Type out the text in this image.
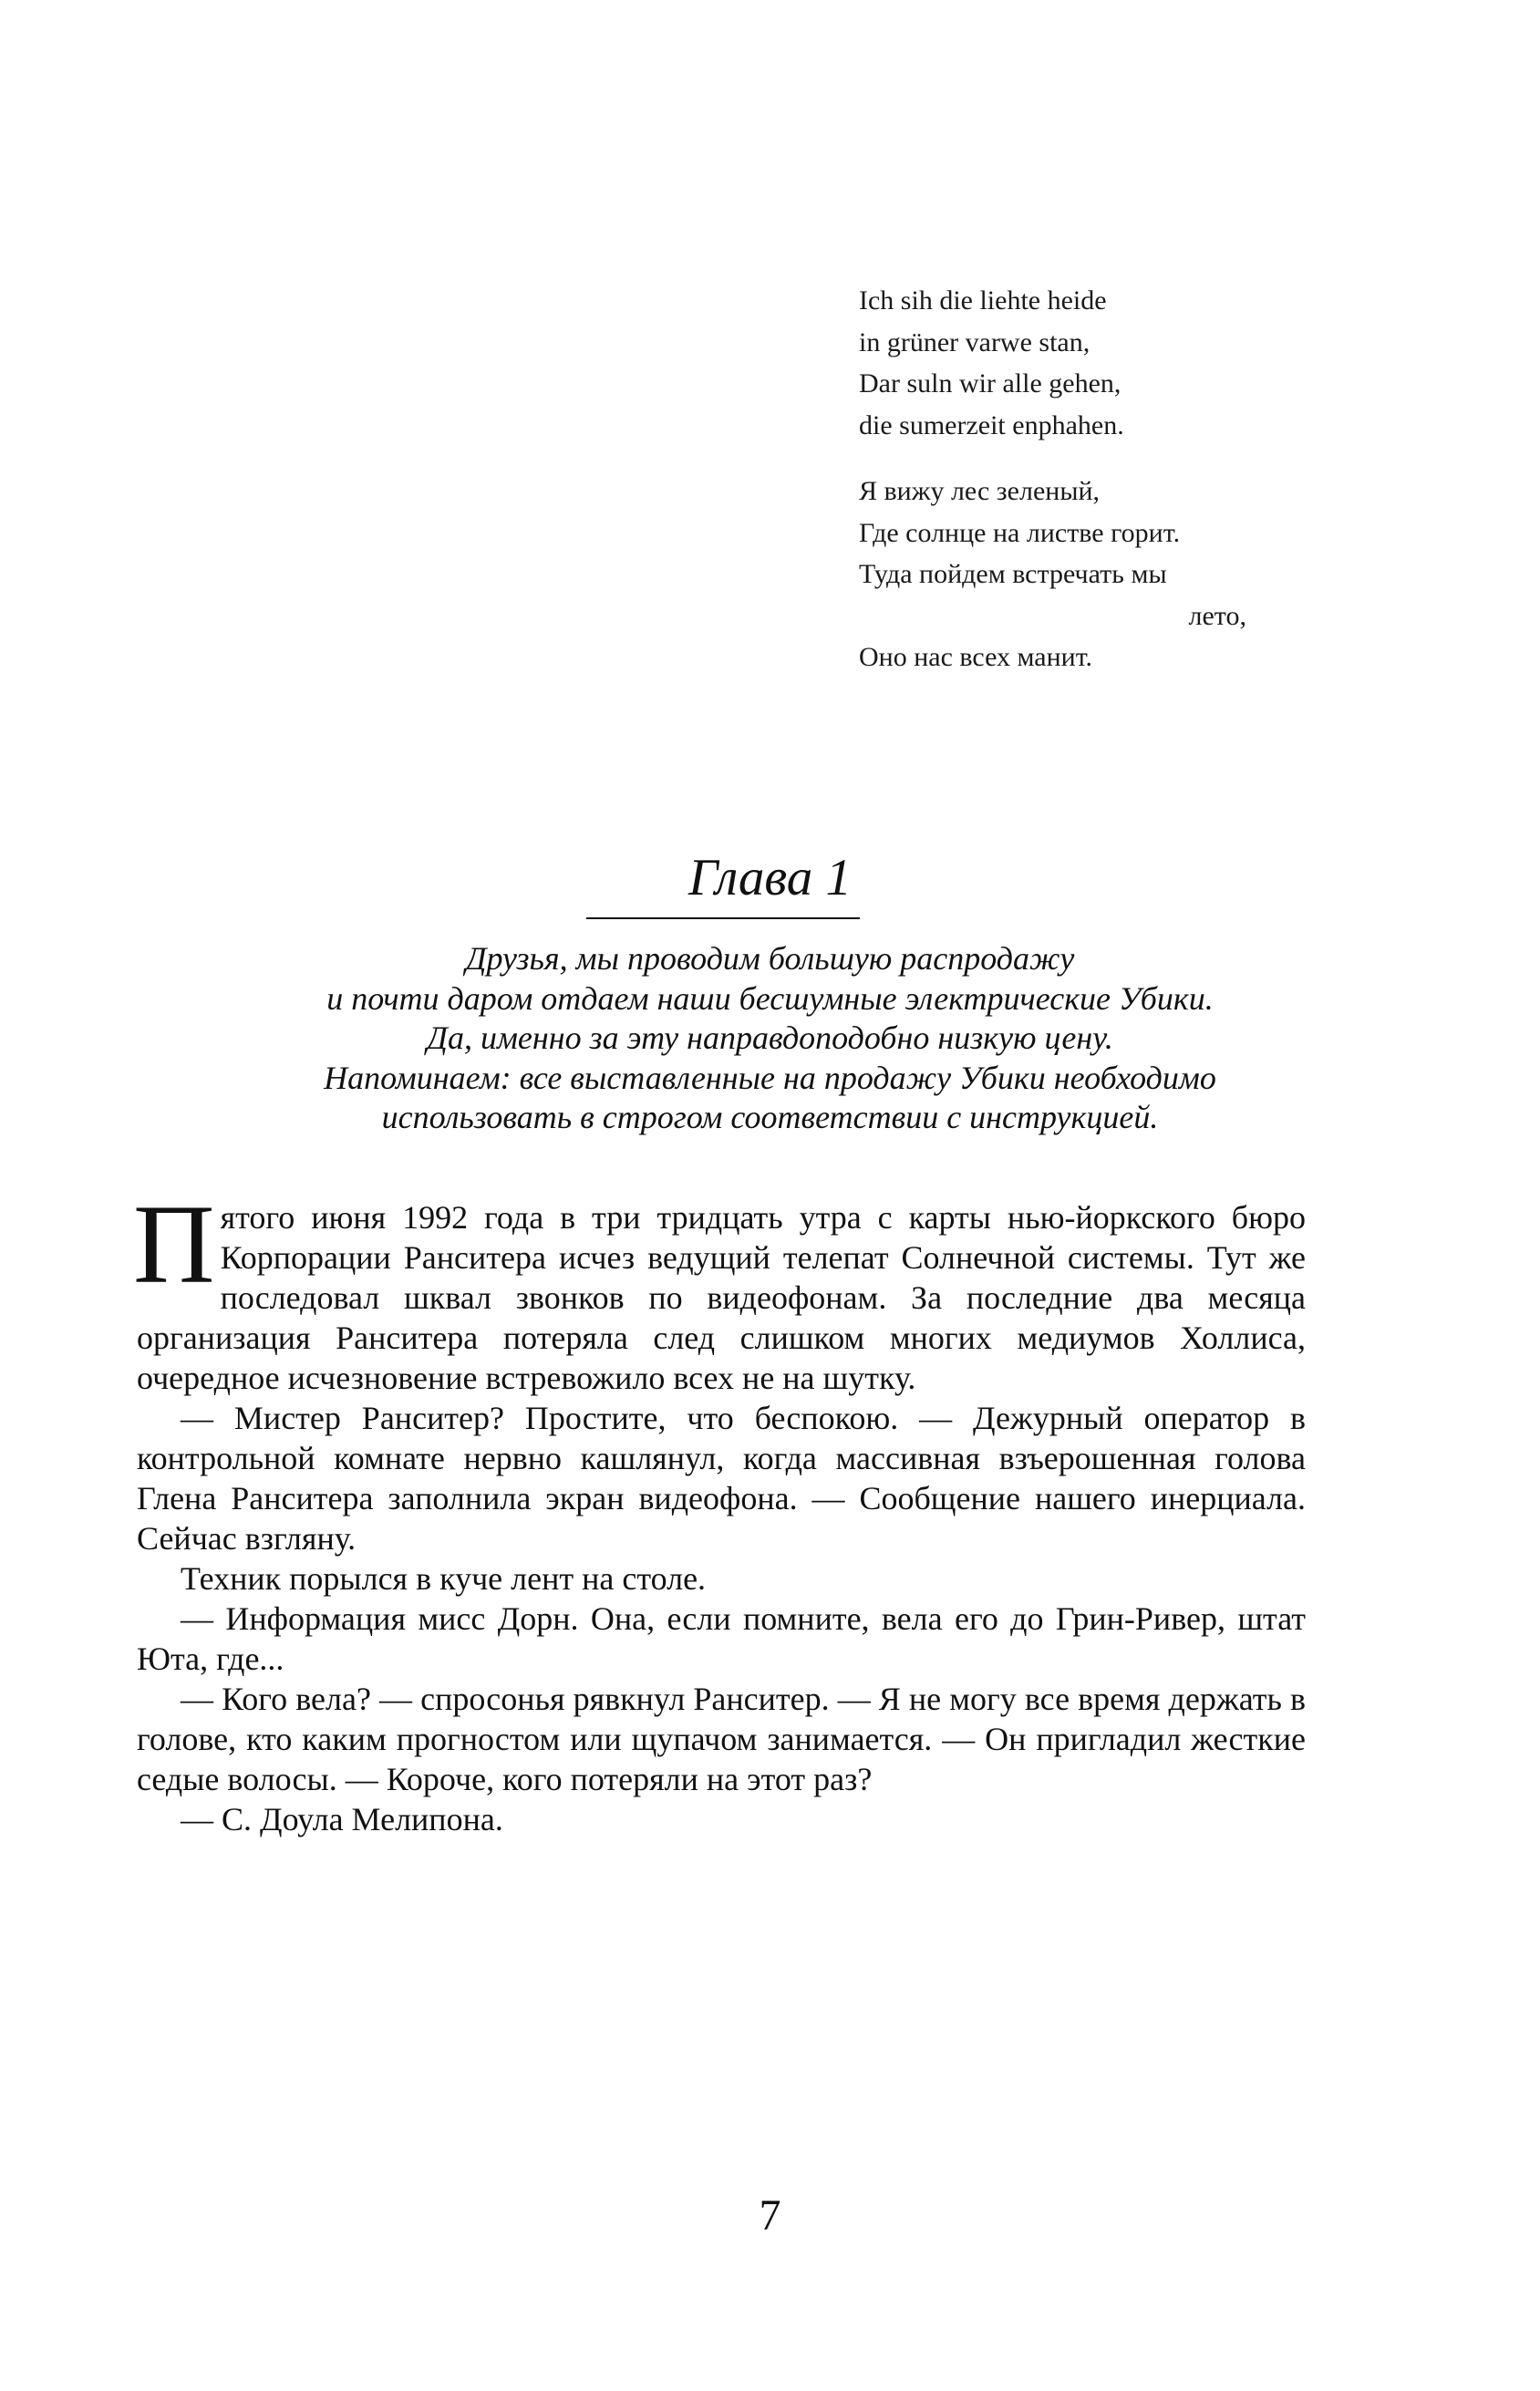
Ich sih die liehte heide
in grüner varwe stan,
Dar suln wir alle gehen,
die sumerzeit enphahen.

Я вижу лес зеленый,
Где солнце на листве горит.
Туда пойдем встречать мы
лето,
Оно нас всех манит.

Глава 1
Друзья, мы проводим большую распродажу
и почти даром отдаем наши бесшумные электрические Убики.
Да, именно за эту направдоподобно низкую цену.
Напоминаем: все выставленные на продажу Убики необходимо
использовать в строгом соответствии с инструкцией.

Пятого июня 1992 года в три тридцать утра с карты нью-йоркского бюро Корпорации Ранситера исчез ведущий телепат Солнечной системы. Тут же последовал шквал звонков по видеофонам. За последние два месяца организация Ранситера потеряла след слишком многих медиумов Холлиса, очередное исчезновение встревожило всех не на шутку.

— Мистер Ранситер? Простите, что беспокою. — Дежурный оператор в контрольной комнате нервно кашлянул, когда массивная взъерошенная голова Глена Ранситера заполнила экран видеофона. — Сообщение нашего инерциала. Сейчас взгляну.

Техник порылся в куче лент на столе.

— Информация мисс Дорн. Она, если помните, вела его до Грин-Ривер, штат Юта, где...

— Кого вела? — спросонья рявкнул Ранситер. — Я не могу все время держать в голове, кто каким прогностом или щупачом занимается. — Он пригладил жесткие седые волосы. — Короче, кого потеряли на этот раз?

— С. Доула Мелипона.

7
